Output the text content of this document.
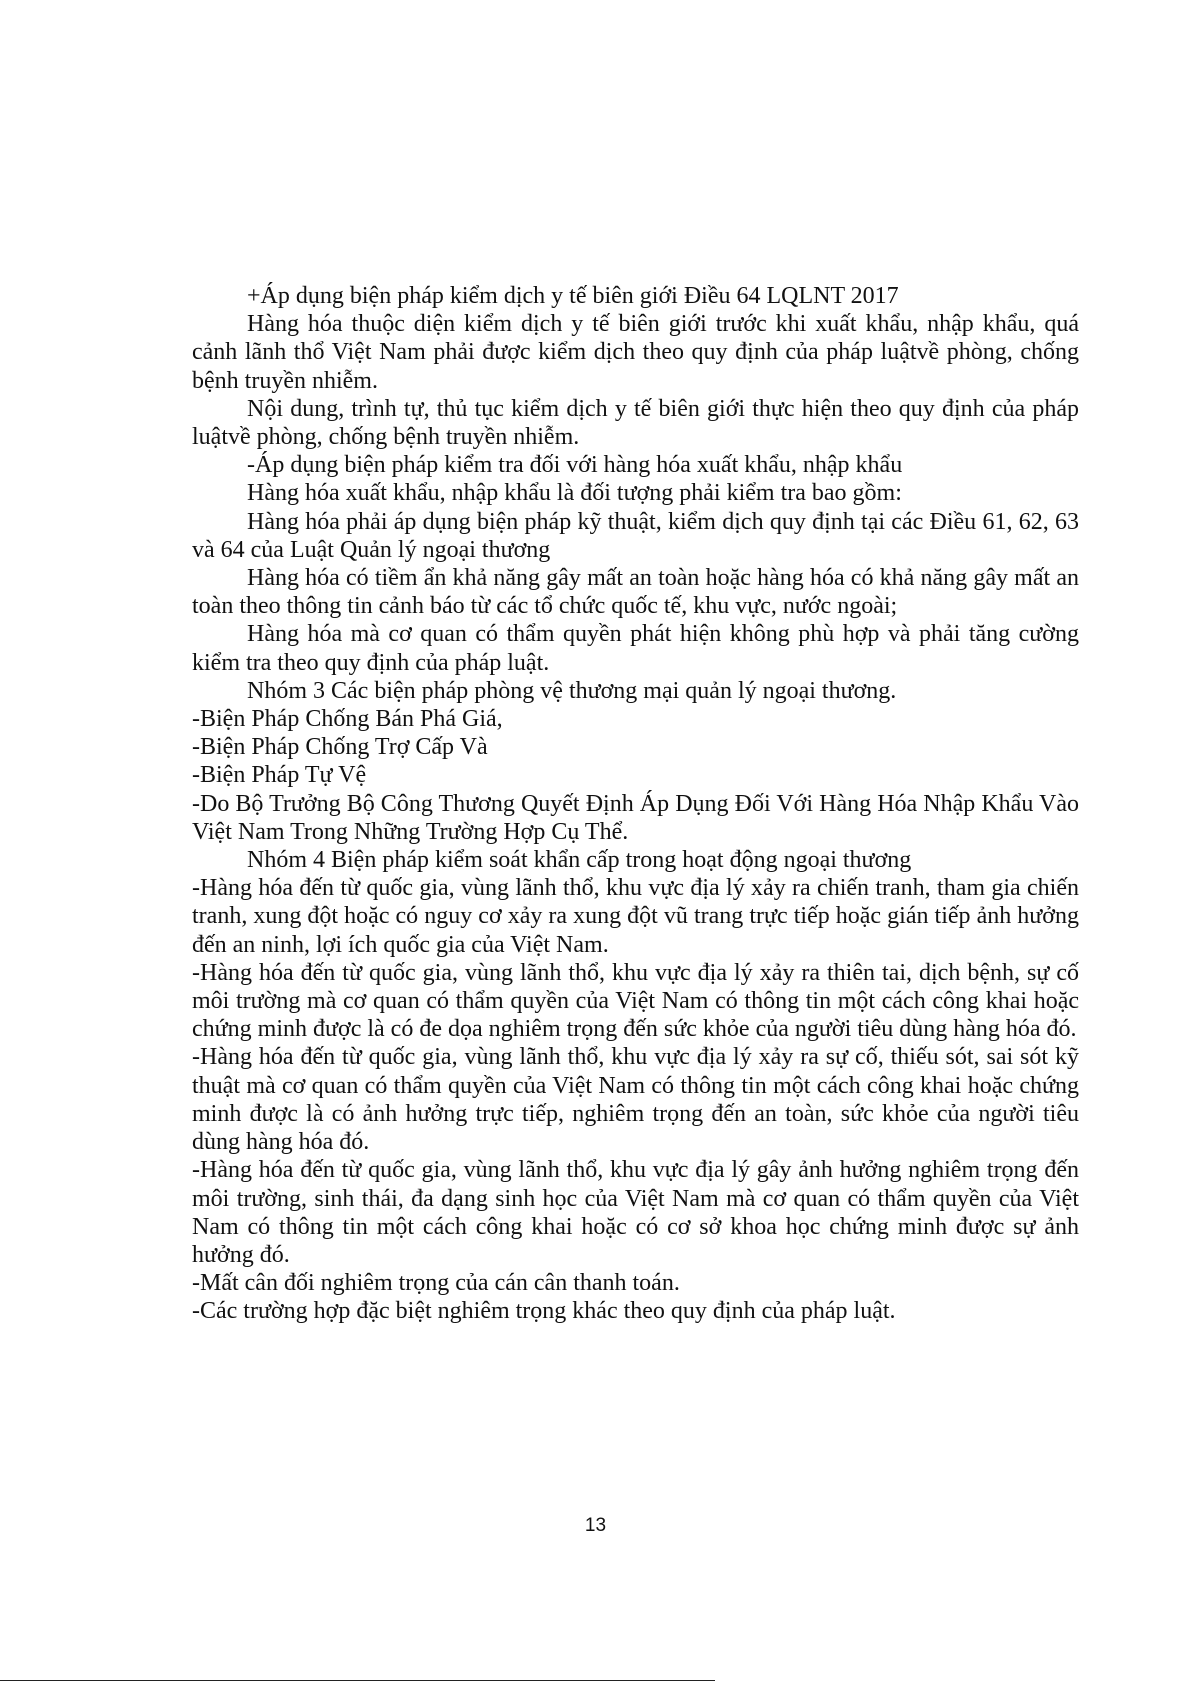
+Áp dụng biện pháp kiểm dịch y tế biên giới Điều 64 LQLNT 2017

Hàng hóa thuộc diện kiểm dịch y tế biên giới trước khi xuất khẩu, nhập khẩu, quá cảnh lãnh thổ Việt Nam phải được kiểm dịch theo quy định của pháp luậtvề phòng, chống bệnh truyền nhiễm.

Nội dung, trình tự, thủ tục kiểm dịch y tế biên giới thực hiện theo quy định của pháp luậtvề phòng, chống bệnh truyền nhiễm.

-Áp dụng biện pháp kiểm tra đối với hàng hóa xuất khẩu, nhập khẩu

Hàng hóa xuất khẩu, nhập khẩu là đối tượng phải kiểm tra bao gồm:

Hàng hóa phải áp dụng biện pháp kỹ thuật, kiểm dịch quy định tại các Điều 61, 62, 63 và 64 của Luật Quản lý ngoại thương

Hàng hóa có tiềm ẩn khả năng gây mất an toàn hoặc hàng hóa có khả năng gây mất an toàn theo thông tin cảnh báo từ các tổ chức quốc tế, khu vực, nước ngoài;

Hàng hóa mà cơ quan có thẩm quyền phát hiện không phù hợp và phải tăng cường kiểm tra theo quy định của pháp luật.

Nhóm 3 Các biện pháp phòng vệ thương mại quản lý ngoại thương.

-Biện Pháp Chống Bán Phá Giá,

-Biện Pháp Chống Trợ Cấp Và

-Biện Pháp Tự Vệ

-Do Bộ Trưởng Bộ Công Thương Quyết Định Áp Dụng Đối Với Hàng Hóa Nhập Khẩu Vào Việt Nam Trong Những Trường Hợp Cụ Thể.

Nhóm 4 Biện pháp kiểm soát khẩn cấp trong hoạt động ngoại thương

-Hàng hóa đến từ quốc gia, vùng lãnh thổ, khu vực địa lý xảy ra chiến tranh, tham gia chiến tranh, xung đột hoặc có nguy cơ xảy ra xung đột vũ trang trực tiếp hoặc gián tiếp ảnh hưởng đến an ninh, lợi ích quốc gia của Việt Nam.

-Hàng hóa đến từ quốc gia, vùng lãnh thổ, khu vực địa lý xảy ra thiên tai, dịch bệnh, sự cố môi trường mà cơ quan có thẩm quyền của Việt Nam có thông tin một cách công khai hoặc chứng minh được là có đe dọa nghiêm trọng đến sức khỏe của người tiêu dùng hàng hóa đó.

-Hàng hóa đến từ quốc gia, vùng lãnh thổ, khu vực địa lý xảy ra sự cố, thiếu sót, sai sót kỹ thuật mà cơ quan có thẩm quyền của Việt Nam có thông tin một cách công khai hoặc chứng minh được là có ảnh hưởng trực tiếp, nghiêm trọng đến an toàn, sức khỏe của người tiêu dùng hàng hóa đó.

-Hàng hóa đến từ quốc gia, vùng lãnh thổ, khu vực địa lý gây ảnh hưởng nghiêm trọng đến môi trường, sinh thái, đa dạng sinh học của Việt Nam mà cơ quan có thẩm quyền của Việt Nam có thông tin một cách công khai hoặc có cơ sở khoa học chứng minh được sự ảnh hưởng đó.

-Mất cân đối nghiêm trọng của cán cân thanh toán.

-Các trường hợp đặc biệt nghiêm trọng khác theo quy định của pháp luật.

13
